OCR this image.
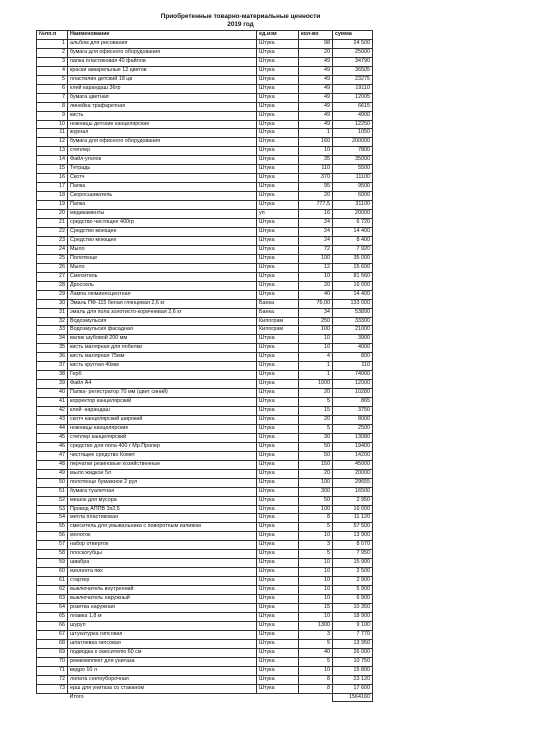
Приобретенные товарно-материальные ценности
2019 год
№пп.п	Наименование	ед.изм	кол-во	сумма
1	альбом для рисования	Штука	98	24 500
2	бумага для офисного оборудования	Штука	20	25000
3	папка пластиковая 40 файлов	Штука	49	34790
4	краски акварельные 12 цветов	Штука	49	36505
5	пластилин детский 18 цв	Штука	49	23275
6	клей карандаш 36гр	Штука	49	19110
7	бумага цветная	Штука	49	12005
8	линейка трафаретная	Штука	49	6615
9	кисть	Штука	49	4900
10	ножницы детские канцелярские	Штука	49	12250
11	журнал	Штука	1	1050
12	бумага для офисного оборудования	Штука	160	200000
13	степлер	Штука	10	7800
14	Файл-уголок	Штука	35	35000
15	Тетрадь	Штука	110	5500
16	Скотч	Штука	370	11100
17	Папка	Штука	95	9500
18	Скоросшиватель	Штука	20	6000
19	Папка	Штука	777,5	31100
20	медикаменты	уп	16	20000
21	средство чистящее 400гр	Штука	24	6 720
22	Средство моющее	Штука	24	14 400
23	Средство моющее	Штука	24	8 400
24	Мыло	Штука	72	7 920
25	Полотенце	Штука	100	35 000
26	Мыло	Штука	12	15 600
27	Смеситель	Штука	10	81 560
28	Дроссель	Штука	20	16 000
29	Лампа люминесцентная	Штука	40	14 400
30	Эмаль ПФ-115 белая глянцевая 2,6 кг	Банка	76,00	133 000
31	эмаль для пола золотисто-коричневая 2,6 кг	Банка	34	53890
32	Водоэмульсия	Килограм	250	33300
33	Водоэмульсия фасадная	Килограм	100	21000
34	валик шубовой 200 мм	Штука	10	3900
35	кисть малярная для побелки	Штука	10	4000
36	кисть малярная 75мм	Штука	4	800
37	кисть круглая 40мм	Штука	1	110
38	Герб	Штука	1	74000
39	Файл А4	Штука	1000	12000
40	Папка- регистратор 70 мм (цвет синий)	Штука	20	10280
41	корректор канцелярский	Штука	5	865
42	клей -карандаш	Штука	15	3750
43	скотч канцелярский широкий	Штука	20	8000
44	ножницы канцелярские	Штука	5	2500
45	степлер канцелярский	Штука	30	13080
46	средство для пола 400 г Мр.Пропер	Штука	50	19400
47	чистящее средство Комет	Штука	50	14200
48	перчатки резиновые хозяйственные	Штука	150	45000
49	мыло жидкое 5л	Штука	20	20000
50	полотенце бумажное 2 рул	Штука	100	29655
51	бумага туалетная	Штука	300	16500
52	мешок для мусора	Штука	50	2 950
53	Провод АППВ 3х2,5	Штука	100	16 000
54	метла пластиковая	Штука	8	11 120
55	смеситель для умывальника с поворотным изливом	Штука	5	57 500
56	молоток	Штука	10	13 900
57	набор отверток	Штука	3	8 070
58	плоскогубцы	Штука	5	7 950
59	швабра	Штука	10	15 900
60	изолента пвх	Штука	10	2 500
61	стартер	Штука	10	2 900
62	выключатель внутренний	Штука	10	5 900
63	выключатель наружный	Штука	10	6 900
64	розетка наружная	Штука	15	10 350
65	плавка 1,8 м	Штука	10	18 900
66	шуруп	Штука	1300	9 100
67	штукатурка гипсовая	Штука	3	7 770
68	шпатлевка гипсовая	Штука	5	13 950
69	подводка к смесителю 60 см	Штука	40	26 000
70	ремкомплект для унитаза	Штука	5	10 750
71	ведро 10 л	Штука	10	15 800
72	лопата снегоуборочная	Штука	8	23 120
73	ерш для унитаза со стаканом	Штука	8	17 600
	Итого			1564160
